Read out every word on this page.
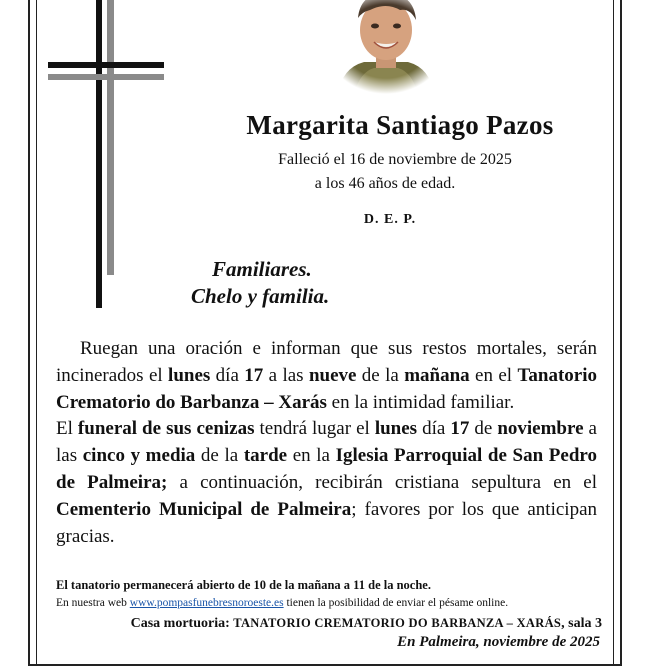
Margarita Santiago Pazos
Falleció el 16 de noviembre de 2025
a los 46 años de edad.
D. E. P.
Familiares.
Chelo y familia.

Ruegan una oración e informan que sus restos mortales, serán incinerados el lunes día 17 a las nueve de la mañana en el Tanatorio Crematorio do Barbanza – Xarás en la intimidad familiar.

El funeral de sus cenizas tendrá lugar el lunes día 17 de noviembre a las cinco y media de la tarde en la Iglesia Parroquial de San Pedro de Palmeira; a continuación, recibirán cristiana sepultura en el Cementerio Municipal de Palmeira; favores por los que anticipan gracias.

El tanatorio permanecerá abierto de 10 de la mañana a 11 de la noche.
En nuestra web www.pompasfunebresnoroeste.es tienen la posibilidad de enviar el pésame online.
Casa mortuoria: TANATORIO CREMATORIO DO BARBANZA – XARÁS, sala 3
En Palmeira, noviembre de 2025
